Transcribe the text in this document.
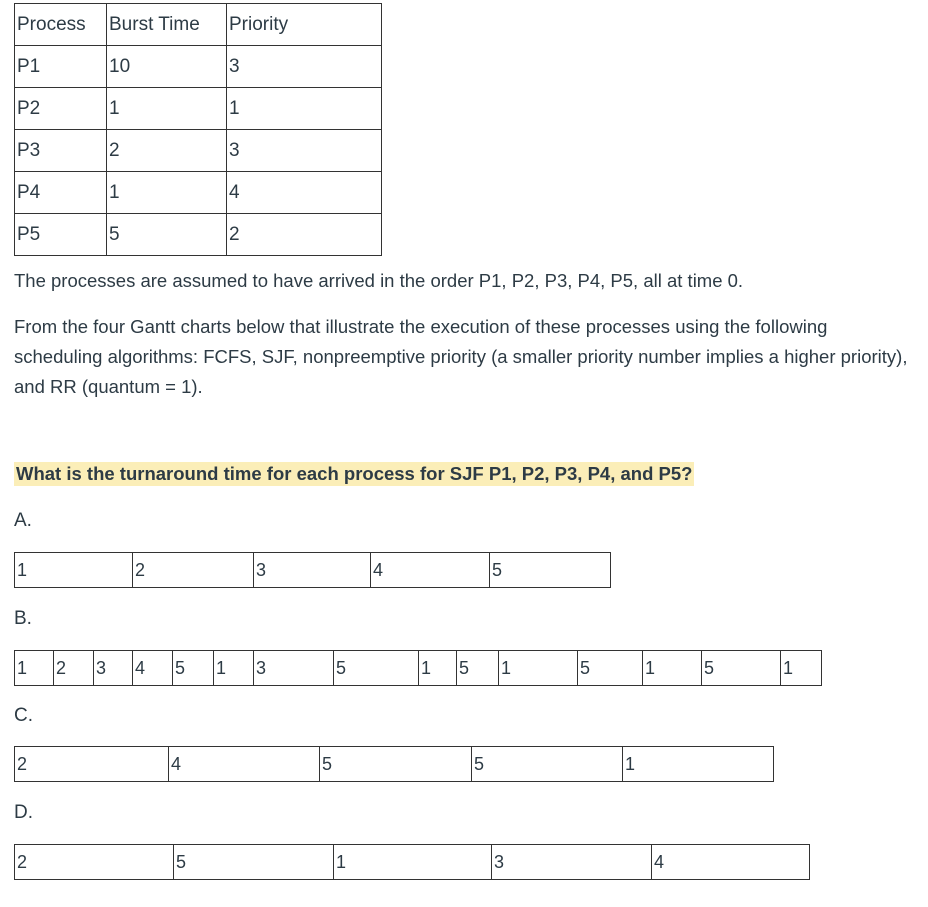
Process	Burst Time	Priority
P1	10	3
P2	1	1
P3	2	3
P4	1	4
P5	5	2
The processes are assumed to have arrived in the order P1, P2, P3, P4, P5, all at time 0.
From the four Gantt charts below that illustrate the execution of these processes using the following scheduling algorithms: FCFS, SJF, nonpreemptive priority (a smaller priority number implies a higher priority), and RR (quantum = 1).
What is the turnaround time for each process for SJF P1, P2, P3, P4, and P5?
A.
1	2	3	4	5
B.
1 2 3 4 5 1 3	5	1 5 1	5	1	5	1
C.
2	4	5	5	1
D.
2	5	1	3	4
